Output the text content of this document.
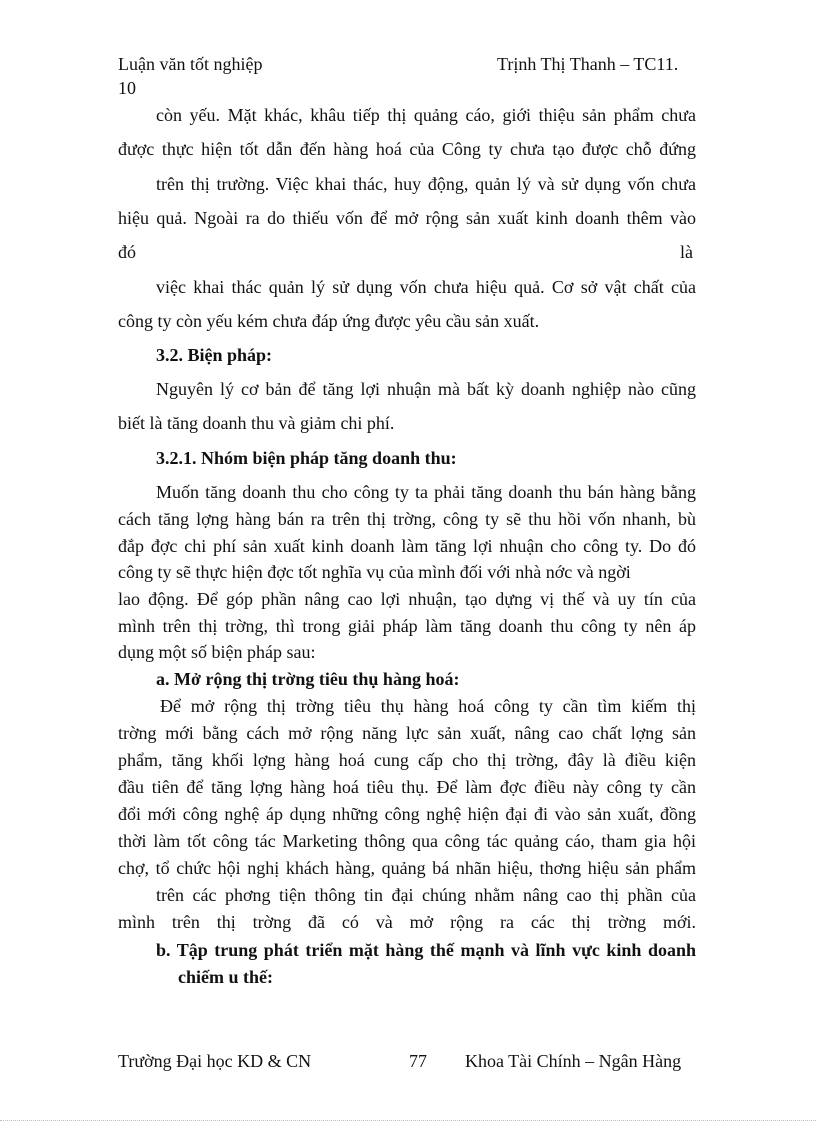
Luận văn tốt nghiệp	Trịnh Thị Thanh – TC11.
10
còn yếu. Mặt khác, khâu tiếp thị quảng cáo, giới thiệu sản phẩm chưa
được thực hiện tốt dẫn đến hàng hoá của Công ty chưa tạo được chỗ đứng
trên thị trường. Việc khai thác, huy động, quản lý và sử dụng vốn chưa
hiệu quả. Ngoài ra do thiếu vốn để mở rộng sản xuất kinh doanh thêm vào
đó	là
việc khai thác quản lý sử dụng vốn chưa hiệu quả. Cơ sở vật chất của
công ty còn yếu kém chưa đáp ứng được yêu cầu sản xuất.
3.2. Biện pháp:
Nguyên lý cơ bản để tăng lợi nhuận mà bất kỳ doanh nghiệp nào cũng
biết là tăng doanh thu và giảm chi phí.
3.2.1. Nhóm biện pháp tăng doanh thu:
Muốn tăng doanh thu cho công ty ta phải tăng doanh thu bán hàng bằng
cách tăng lợng hàng bán ra trên thị trờng, công ty sẽ thu hồi vốn nhanh, bù
đắp đợc chi phí sản xuất kinh doanh làm tăng lợi nhuận cho công ty. Do đó
công ty sẽ thực hiện đợc tốt nghĩa vụ của mình đối với nhà nớc và ngời
lao động. Để góp phần nâng cao lợi nhuận, tạo dựng vị thế và uy tín của
mình trên thị trờng, thì trong giải pháp làm tăng doanh thu công ty nên áp
dụng một số biện pháp sau:
a. Mở rộng thị trờng tiêu thụ hàng hoá:
Để mở rộng thị trờng tiêu thụ hàng hoá công ty cần tìm kiếm thị
trờng mới bằng cách mở rộng năng lực sản xuất, nâng cao chất lợng sản
phẩm, tăng khối lợng hàng hoá cung cấp cho thị trờng, đây là điều kiện
đầu tiên để tăng lợng hàng hoá tiêu thụ. Để làm đợc điều này công ty cần
đổi mới công nghệ áp dụng những công nghệ hiện đại đi vào sản xuất, đồng
thời làm tốt công tác Marketing thông qua công tác quảng cáo, tham gia hội
chợ, tổ chức hội nghị khách hàng, quảng bá nhãn hiệu, thơng hiệu sản phẩm
trên các phơng tiện thông tin đại chúng nhằm nâng cao thị phần của
mình trên thị trờng đã có và mở rộng ra các thị trờng mới.
b. Tập trung phát triển mặt hàng thế mạnh và lĩnh vực kinh doanh
chiếm u thế:
Trường Đại học KD & CN	77 Khoa Tài Chính – Ngân Hàng
